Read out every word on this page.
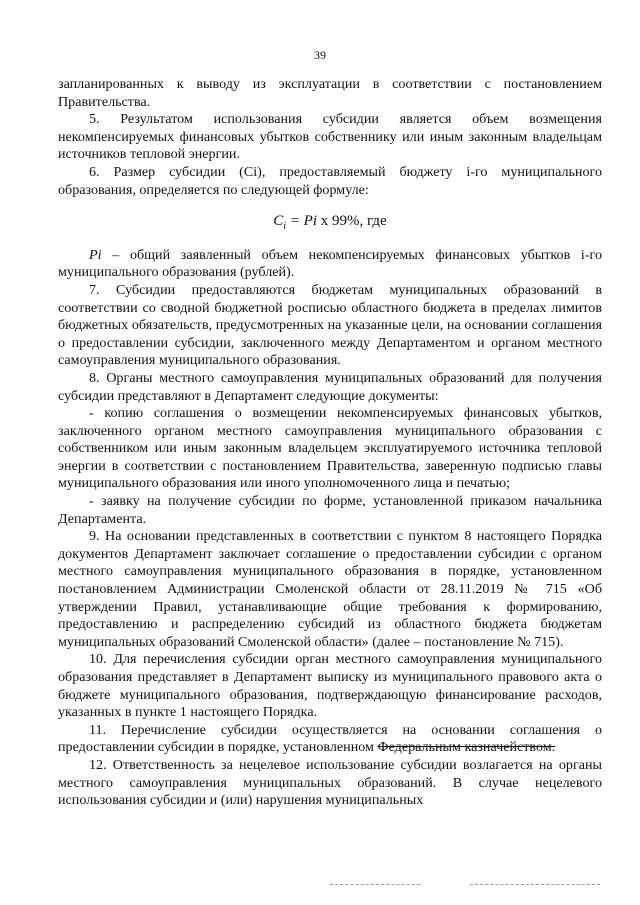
39

запланированных к выводу из эксплуатации в соответствии с постановлением Правительства.

5. Результатом использования субсидии является объем возмещения некомпенсируемых финансовых убытков собственнику или иным законным владельцам источников тепловой энергии.

6. Размер субсидии (Ci), предоставляемый бюджету i-го муниципального образования, определяется по следующей формуле:

$C_i = Pi$ x 99%, где

Pi – общий заявленный объем некомпенсируемых финансовых убытков i-го муниципального образования (рублей).

7. Субсидии предоставляются бюджетам муниципальных образований в соответствии со сводной бюджетной росписью областного бюджета в пределах лимитов бюджетных обязательств, предусмотренных на указанные цели, на основании соглашения о предоставлении субсидии, заключенного между Департаментом и органом местного самоуправления муниципального образования.

8. Органы местного самоуправления муниципальных образований для получения субсидии представляют в Департамент следующие документы:

- копию соглашения о возмещении некомпенсируемых финансовых убытков, заключенного органом местного самоуправления муниципального образования с собственником или иным законным владельцем эксплуатируемого источника тепловой энергии в соответствии с постановлением Правительства, заверенную подписью главы муниципального образования или иного уполномоченного лица и печатью;

- заявку на получение субсидии по форме, установленной приказом начальника Департамента.

9. На основании представленных в соответствии с пунктом 8 настоящего Порядка документов Департамент заключает соглашение о предоставлении субсидии с органом местного самоуправления муниципального образования в порядке, установленном постановлением Администрации Смоленской области от 28.11.2019 № 715 «Об утверждении Правил, устанавливающие общие требования к формированию, предоставлению и распределению субсидий из областного бюджета бюджетам муниципальных образований Смоленской области» (далее – постановление № 715).

10. Для перечисления субсидии орган местного самоуправления муниципального образования представляет в Департамент выписку из муниципального правового акта о бюджете муниципального образования, подтверждающую финансирование расходов, указанных в пункте 1 настоящего Порядка.

11. Перечисление субсидии осуществляется на основании соглашения о предоставлении субсидии в порядке, установленном Федеральным казначейством.

12. Ответственность за нецелевое использование субсидии возлагается на органы местного самоуправления муниципальных образований. В случае нецелевого использования субсидии и (или) нарушения муниципальных
